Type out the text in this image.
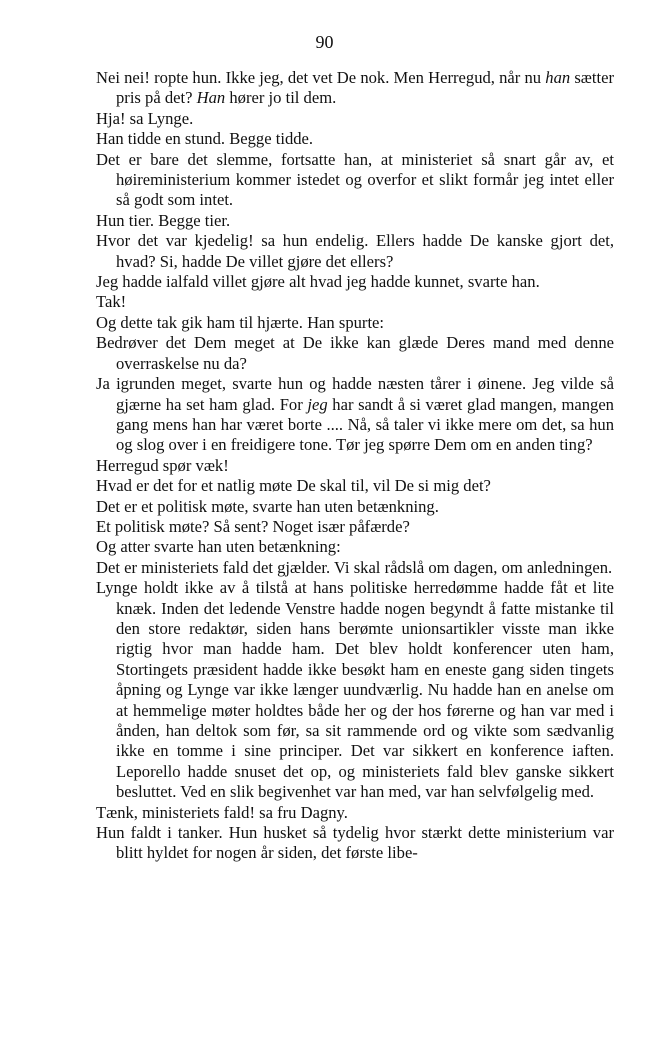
90

Nei nei! ropte hun. Ikke jeg, det vet De nok. Men Herregud, når nu han sætter pris på det? Han hører jo til dem.

Hja! sa Lynge.

Han tidde en stund. Begge tidde.

Det er bare det slemme, fortsatte han, at ministeriet så snart går av, et høireministerium kommer istedet og overfor et slikt formår jeg intet eller så godt som intet.

Hun tier. Begge tier.

Hvor det var kjedelig! sa hun endelig. Ellers hadde De kanske gjort det, hvad? Si, hadde De villet gjøre det ellers?

Jeg hadde ialfald villet gjøre alt hvad jeg hadde kunnet, svarte han.

Tak!

Og dette tak gik ham til hjærte. Han spurte:

Bedrøver det Dem meget at De ikke kan glæde Deres mand med denne overraskelse nu da?

Ja igrunden meget, svarte hun og hadde næsten tårer i øinene. Jeg vilde så gjærne ha set ham glad. For jeg har sandt å si været glad mangen, mangen gang mens han har været borte .... Nå, så taler vi ikke mere om det, sa hun og slog over i en freidigere tone. Tør jeg spørre Dem om en anden ting?

Herregud spør væk!

Hvad er det for et natlig møte De skal til, vil De si mig det?

Det er et politisk møte, svarte han uten betænkning.

Et politisk møte? Så sent? Noget især påfærde?

Og atter svarte han uten betænkning:

Det er ministeriets fald det gjælder. Vi skal rådslå om dagen, om anledningen.

Lynge holdt ikke av å tilstå at hans politiske herredømme hadde fåt et lite knæk. Inden det ledende Venstre hadde nogen begyndt å fatte mistanke til den store redaktør, siden hans berømte unionsartikler visste man ikke rigtig hvor man hadde ham. Det blev holdt konferencer uten ham, Stortingets præsident hadde ikke besøkt ham en eneste gang siden tingets åpning og Lynge var ikke længer uundværlig. Nu hadde han en anelse om at hemmelige møter holdtes både her og der hos førerne og han var med i ånden, han deltok som før, sa sit rammende ord og vikte som sædvanlig ikke en tomme i sine principer. Det var sikkert en konference iaften. Leporello hadde snuset det op, og ministeriets fald blev ganske sikkert besluttet. Ved en slik begivenhet var han med, var han selvfølgelig med.

Tænk, ministeriets fald! sa fru Dagny.

Hun faldt i tanker. Hun husket så tydelig hvor stærkt dette ministerium var blitt hyldet for nogen år siden, det første libe-
